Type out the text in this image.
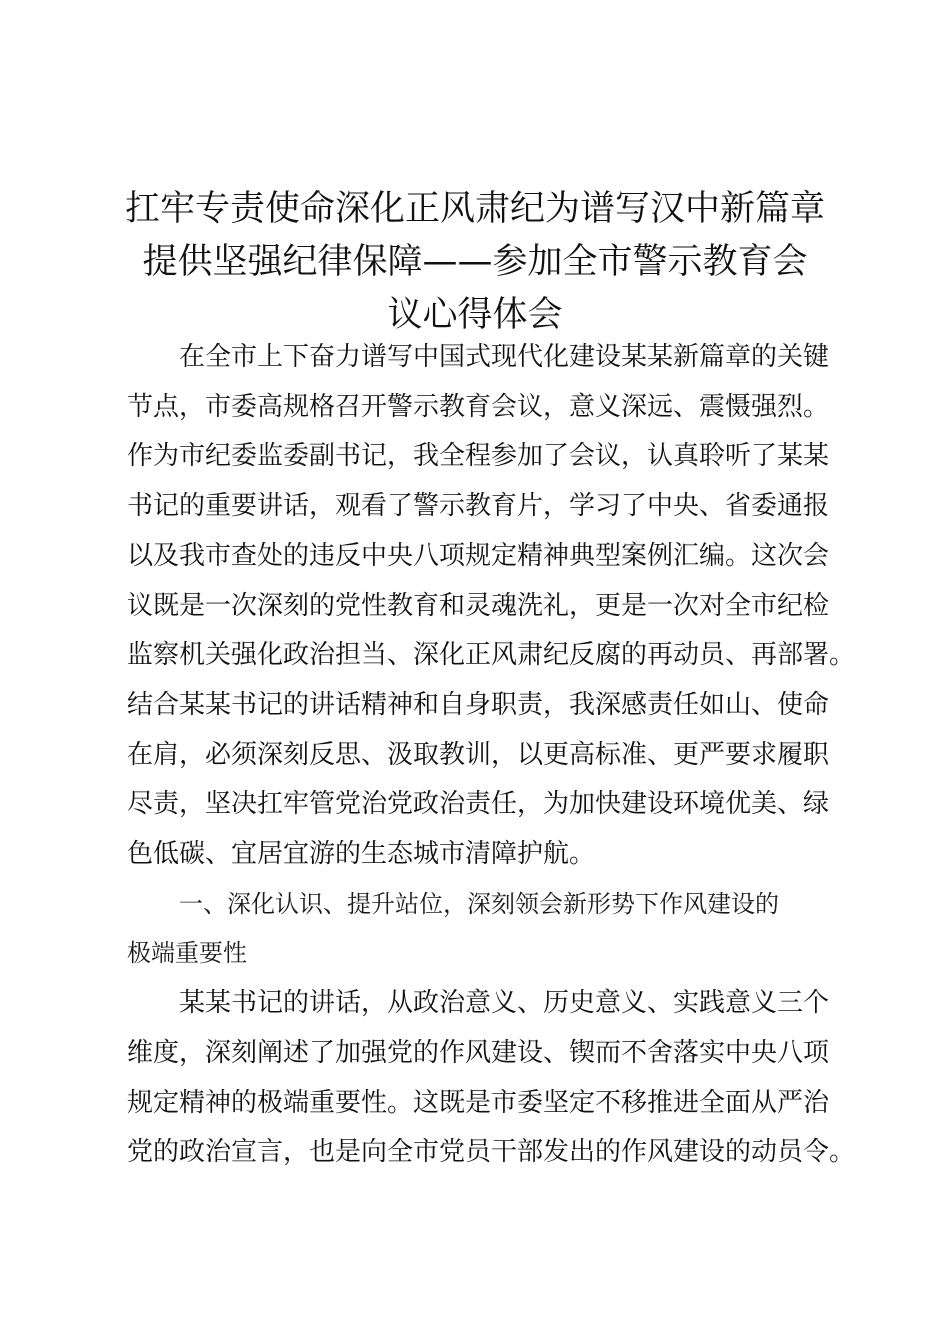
扛牢专责使命深化正风肃纪为谱写汉中新篇章
提供坚强纪律保障——参加全市警示教育会
议心得体会
在全市上下奋力谱写中国式现代化建设某某新篇章的关键
节点，市委高规格召开警示教育会议，意义深远、震慑强烈。
作为市纪委监委副书记，我全程参加了会议，认真聆听了某某
书记的重要讲话，观看了警示教育片，学习了中央、省委通报
以及我市查处的违反中央八项规定精神典型案例汇编。这次会
议既是一次深刻的党性教育和灵魂洗礼，更是一次对全市纪检
监察机关强化政治担当、深化正风肃纪反腐的再动员、再部署。
结合某某书记的讲话精神和自身职责，我深感责任如山、使命
在肩，必须深刻反思、汲取教训，以更高标准、更严要求履职
尽责，坚决扛牢管党治党政治责任，为加快建设环境优美、绿
色低碳、宜居宜游的生态城市清障护航。
一、深化认识、提升站位，深刻领会新形势下作风建设的
极端重要性
某某书记的讲话，从政治意义、历史意义、实践意义三个
维度，深刻阐述了加强党的作风建设、锲而不舍落实中央八项
规定精神的极端重要性。这既是市委坚定不移推进全面从严治
党的政治宣言，也是向全市党员干部发出的作风建设的动员令。
